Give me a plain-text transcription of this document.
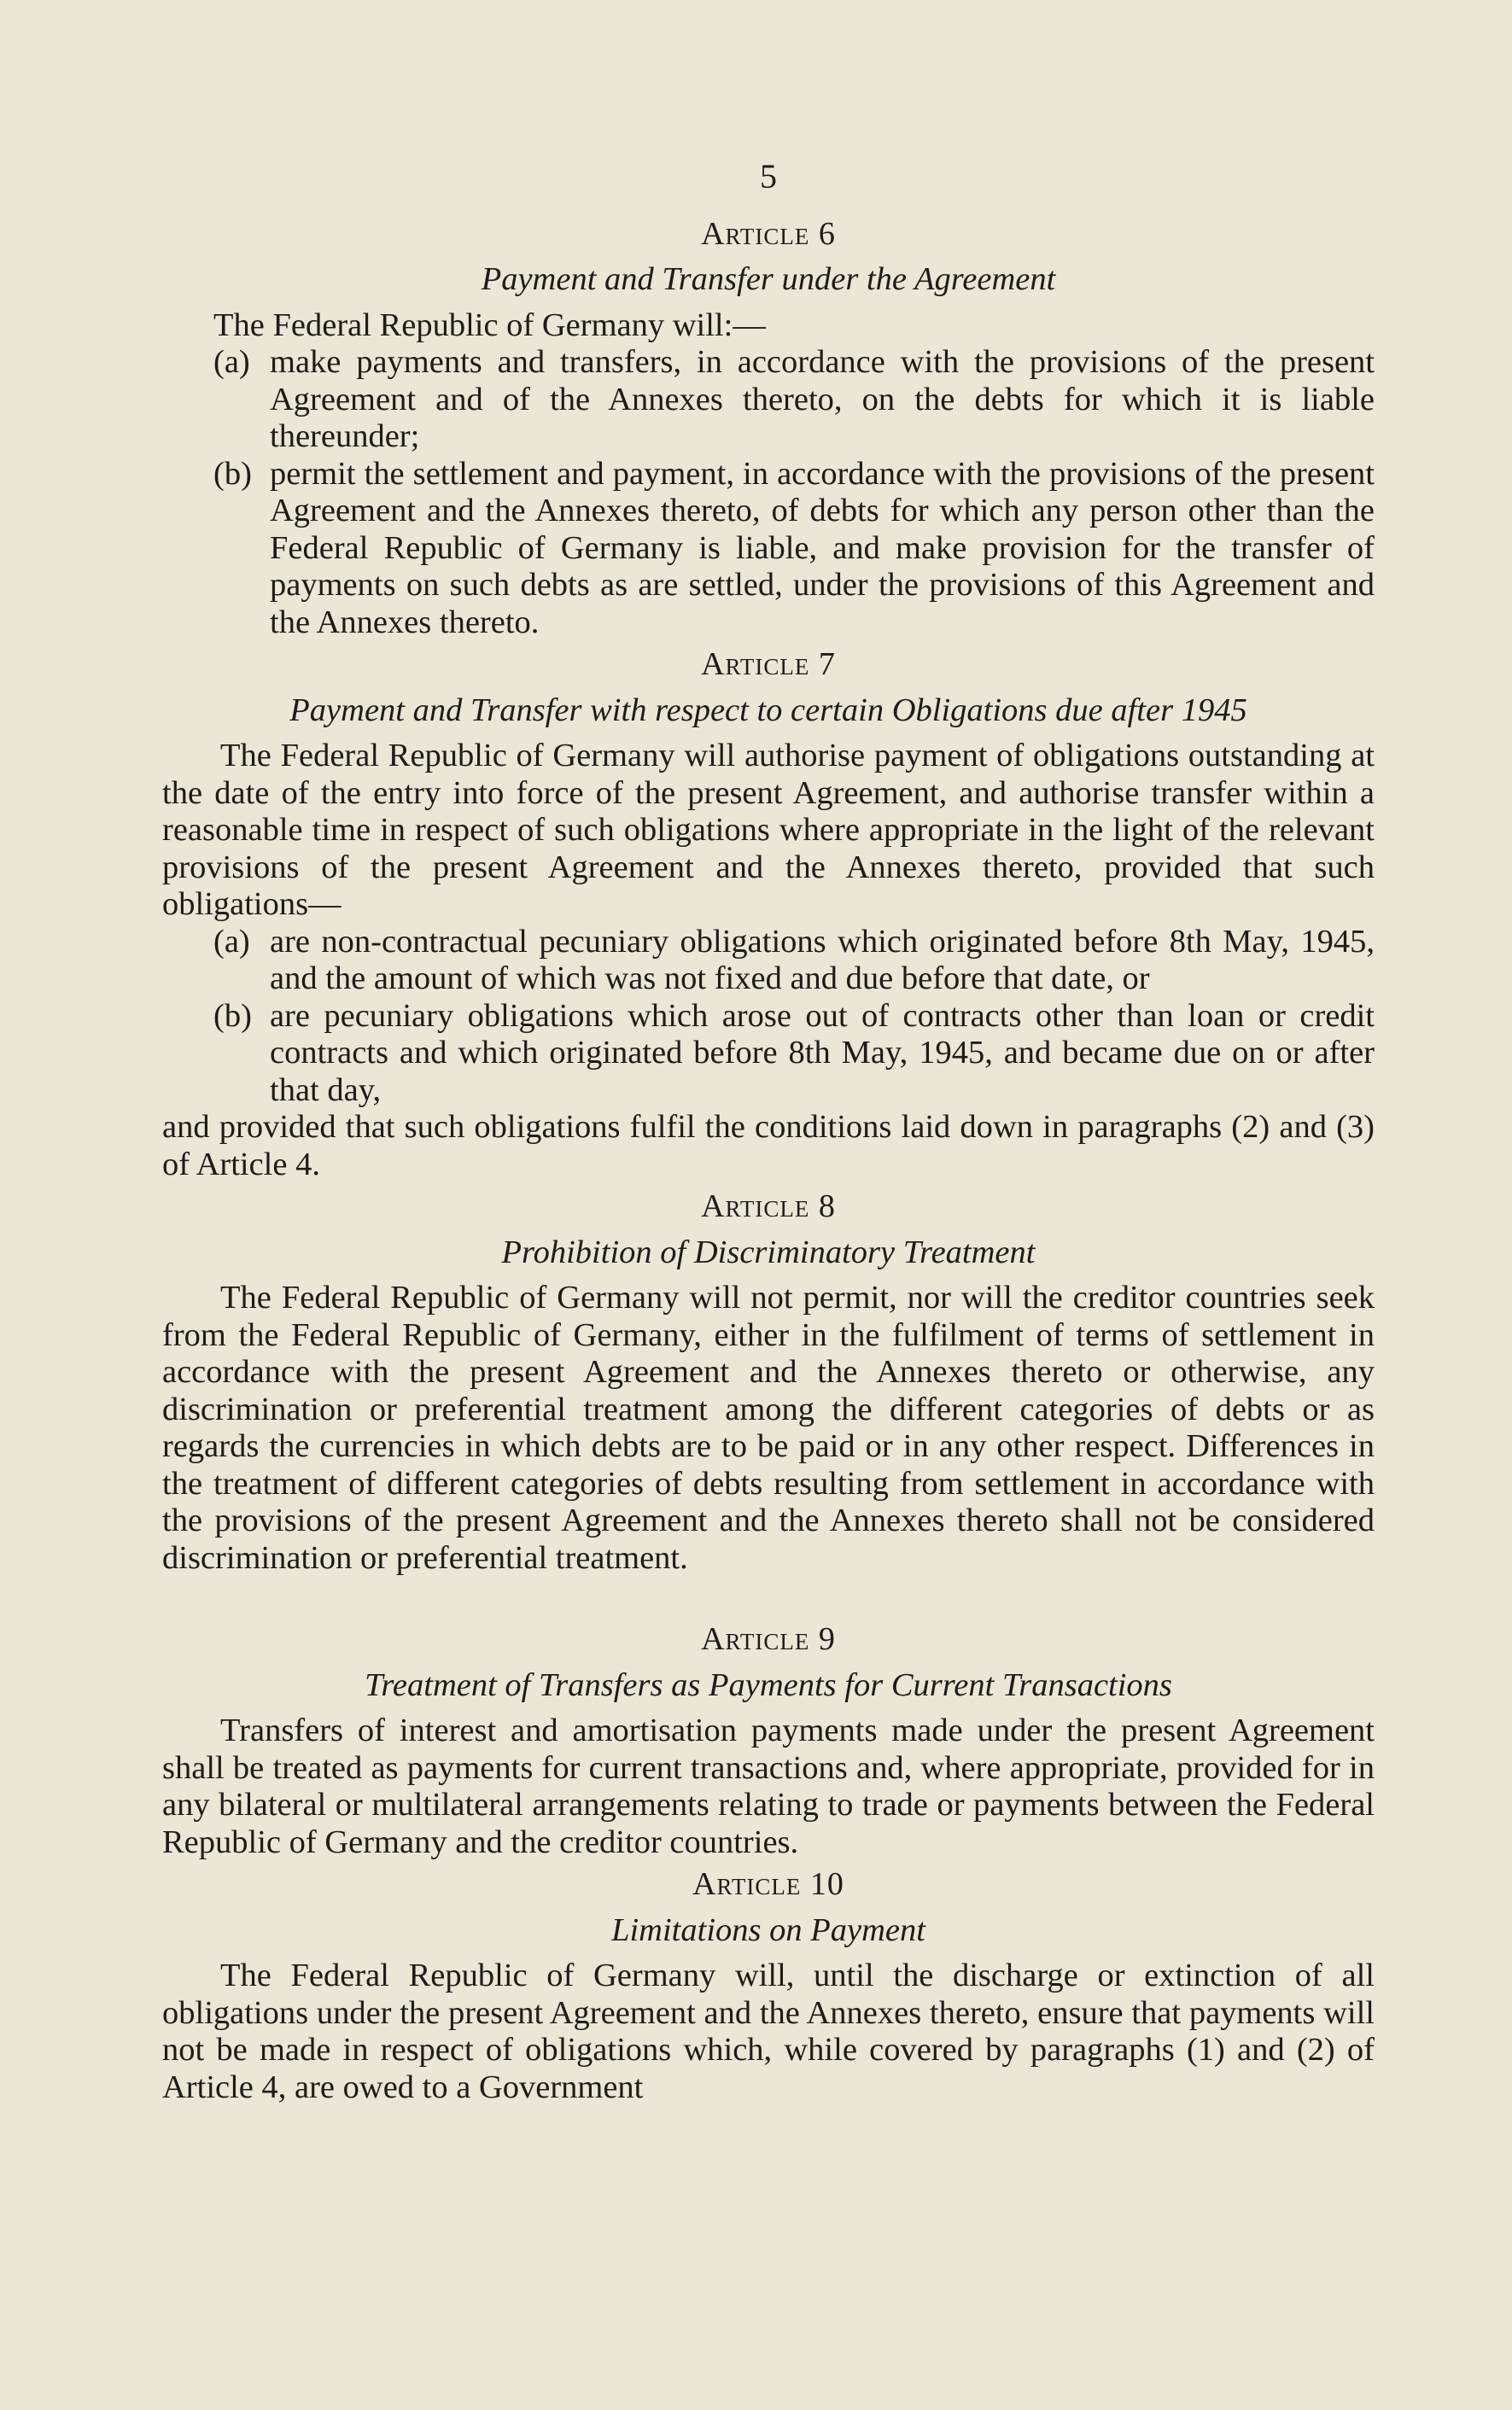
5
Article 6
Payment and Transfer under the Agreement
The Federal Republic of Germany will:—
(a) make payments and transfers, in accordance with the provisions of the present Agreement and of the Annexes thereto, on the debts for which it is liable thereunder;
(b) permit the settlement and payment, in accordance with the provisions of the present Agreement and the Annexes thereto, of debts for which any person other than the Federal Republic of Germany is liable, and make provision for the transfer of payments on such debts as are settled, under the provisions of this Agreement and the Annexes thereto.
Article 7
Payment and Transfer with respect to certain Obligations due after 1945

The Federal Republic of Germany will authorise payment of obligations outstanding at the date of the entry into force of the present Agreement, and authorise transfer within a reasonable time in respect of such obligations where appropriate in the light of the relevant provisions of the present Agreement and the Annexes thereto, provided that such obligations—

(a) are non-contractual pecuniary obligations which originated before 8th May, 1945, and the amount of which was not fixed and due before that date, or
(b) are pecuniary obligations which arose out of contracts other than loan or credit contracts and which originated before 8th May, 1945, and became due on or after that day,

and provided that such obligations fulfil the conditions laid down in paragraphs (2) and (3) of Article 4.

Article 8
Prohibition of Discriminatory Treatment

The Federal Republic of Germany will not permit, nor will the creditor countries seek from the Federal Republic of Germany, either in the fulfilment of terms of settlement in accordance with the present Agreement and the Annexes thereto or otherwise, any discrimination or preferential treatment among the different categories of debts or as regards the currencies in which debts are to be paid or in any other respect. Differences in the treatment of different categories of debts resulting from settlement in accordance with the provisions of the present Agreement and the Annexes thereto shall not be considered discrimination or preferential treatment.

Article 9
Treatment of Transfers as Payments for Current Transactions

Transfers of interest and amortisation payments made under the present Agreement shall be treated as payments for current transactions and, where appropriate, provided for in any bilateral or multilateral arrangements relating to trade or payments between the Federal Republic of Germany and the creditor countries.

Article 10
Limitations on Payment

The Federal Republic of Germany will, until the discharge or extinction of all obligations under the present Agreement and the Annexes thereto, ensure that payments will not be made in respect of obligations which, while covered by paragraphs (1) and (2) of Article 4, are owed to a Government
